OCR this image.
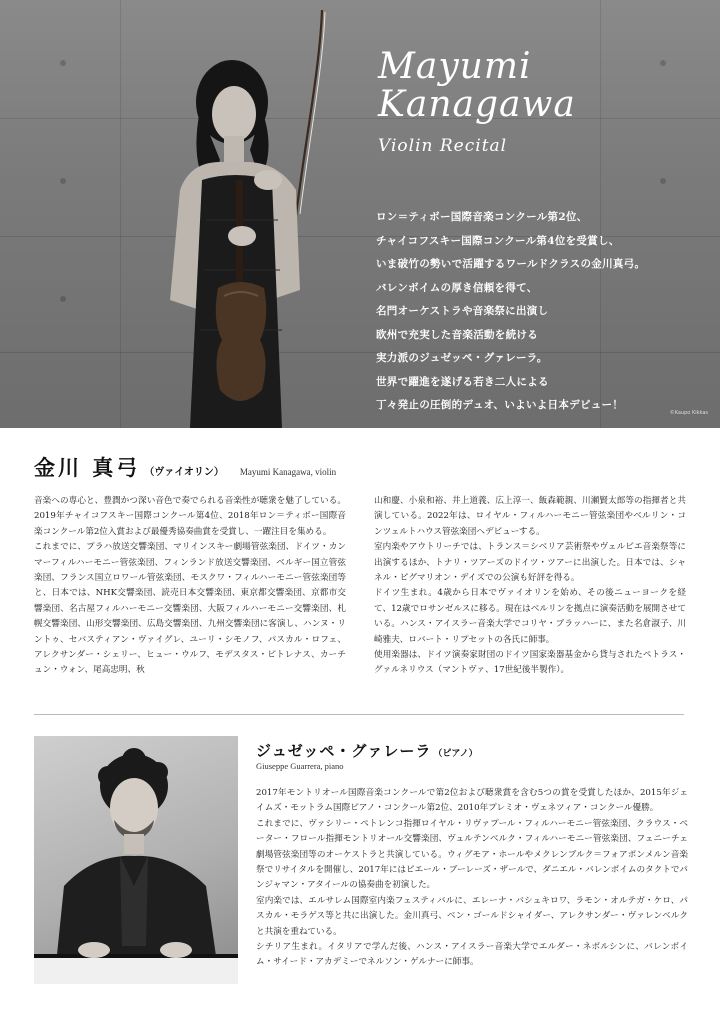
Mayumi
Kanagawa
Violin Recital
ロン＝ティボー国際音楽コンクール第2位、
チャイコフスキー国際コンクール第4位を受賞し、
いま破竹の勢いで活躍するワールドクラスの金川真弓。
バレンボイムの厚き信頼を得て、
名門オーケストラや音楽祭に出演し
欧州で充実した音楽活動を続ける
実力派のジュゼッペ・グァレーラ。
世界で躍進を遂げる若き二人による
丁々発止の圧倒的デュオ、いよいよ日本デビュー！
©Kaupo Kikkas
金川 真弓 （ヴァイオリン） Mayumi Kanagawa, violin

音楽への専心と、豊潤かつ深い音色で奏でられる音楽性が聴衆を魅了している。2019年チャイコフスキー国際コンクール第4位、2018年ロン＝ティボー国際音楽コンクール第2位入賞および最優秀協奏曲賞を受賞し、一躍注目を集める。

これまでに、プラハ放送交響楽団、マリインスキー劇場管弦楽団、ドイツ・カンマーフィルハーモニー管弦楽団、フィンランド放送交響楽団、ベルギー国立管弦楽団、フランス国立ロワール管弦楽団、モスクワ・フィルハーモニー管弦楽団等と、日本では、NHK交響楽団、読売日本交響楽団、東京都交響楽団、京都市交響楽団、名古屋フィルハーモニー交響楽団、大阪フィルハーモニー交響楽団、札幌交響楽団、山形交響楽団、広島交響楽団、九州交響楽団に客演し、ハンヌ・リントゥ、セバスティアン・ヴァイグレ、ユーリ・シモノフ、パスカル・ロフェ、アレクサンダー・シェリー、ヒュー・ウルフ、モデスタス・ピトレナス、カーチュン・ウォン、尾高忠明、秋

山和慶、小泉和裕、井上道義、広上淳一、飯森範親、川瀬賢太郎等の指揮者と共演している。2022年は、ロイヤル・フィルハーモニー管弦楽団やベルリン・コンツェルトハウス管弦楽団へデビューする。

室内楽やアウトリーチでは、トランス＝シベリア芸術祭やヴェルビエ音楽祭等に出演するほか、トナリ・ツアーズのドイツ・ツアーに出演した。日本では、シャネル・ピグマリオン・デイズでの公演も好評を得る。

ドイツ生まれ。4歳から日本でヴァイオリンを始め、その後ニューヨークを経て、12歳でロサンゼルスに移る。現在はベルリンを拠点に演奏活動を展開させている。ハンス・アイスラー音楽大学でコリヤ・ブラッハーに、また名倉淑子、川崎雅夫、ロバート・リプセットの各氏に師事。

使用楽器は、ドイツ演奏家財団のドイツ国家楽器基金から貸与されたペトラス・グァルネリウス（マントヴァ、17世紀後半製作）。

©Kaupo Kikkas
ジュゼッペ・グァレーラ （ピアノ）
Giuseppe Guarrera, piano

2017年モントリオール国際音楽コンクールで第2位および聴衆賞を含む5つの賞を受賞したほか、2015年ジェイムズ・モットラム国際ピアノ・コンクール第2位、2010年プレミオ・ヴェネツィア・コンクール優勝。

これまでに、ヴァシリー・ペトレンコ指揮ロイヤル・リヴァプール・フィルハーモニー管弦楽団、クラウス・ペーター・フロール指揮モントリオール交響楽団、ヴュルテンベルク・フィルハーモニー管弦楽団、フェニーチェ劇場管弦楽団等のオーケストラと共演している。ウィグモア・ホールやメクレンブルク＝フォアポンメルン音楽祭でリサイタルを開催し、2017年にはピエール・ブーレーズ・ザールで、ダニエル・バレンボイムのタクトでパンジャマン・アタイールの協奏曲を初演した。

室内楽では、エルサレム国際室内楽フェスティバルに、エレーナ・バシュキロワ、ラモン・オルテガ・ケロ、パスカル・モラゲス等と共に出演した。金川真弓、ベン・ゴールドシャイダー、アレクサンダー・ヴァレンベルクと共演を重ねている。

シチリア生まれ。イタリアで学んだ後、ハンス・アイスラー音楽大学でエルダー・ネボルシンに、バレンボイム・サイード・アカデミーでネルソン・ゲルナーに師事。
